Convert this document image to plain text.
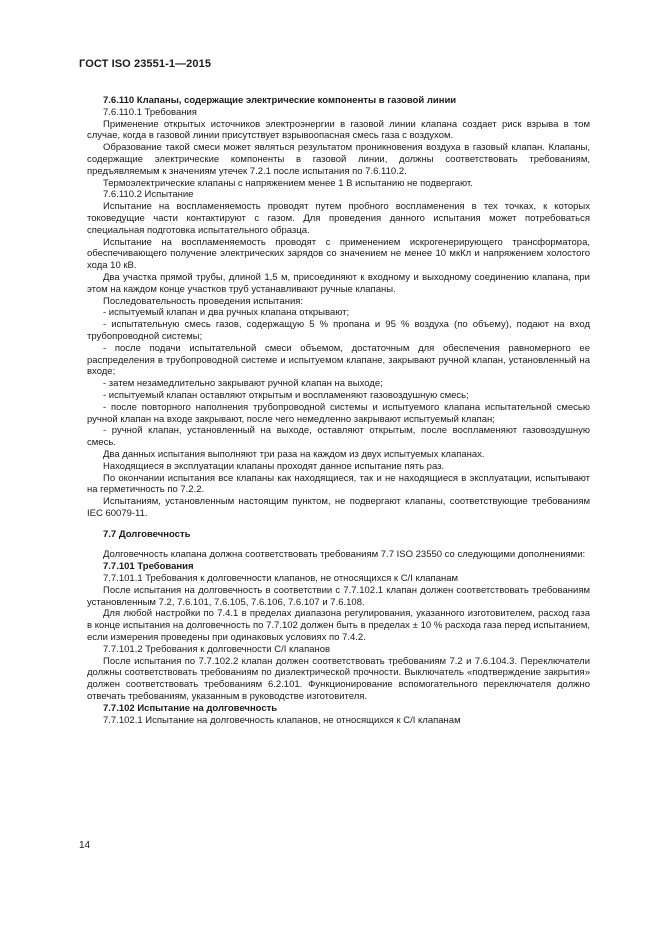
ГОСТ ISO 23551-1—2015

7.6.110 Клапаны, содержащие электрические компоненты в газовой линии

7.6.110.1 Требования

Применение открытых источников электроэнергии в газовой линии клапана создает риск взрыва в том случае, когда в газовой линии присутствует взрывоопасная смесь газа с воздухом.

Образование такой смеси может являться результатом проникновения воздуха в газовый клапан. Клапаны, содержащие электрические компоненты в газовой линии, должны соответствовать требованиям, предъявляемым к значениям утечек 7.2.1 после испытания по 7.6.110.2.

Термоэлектрические клапаны с напряжением менее 1 В испытанию не подвергают.

7.6.110.2 Испытание

Испытание на воспламеняемость проводят путем пробного воспламенения в тех точках, к которых токоведущие части контактируют с газом. Для проведения данного испытания может потребоваться специальная подготовка испытательного образца.

Испытание на воспламеняемость проводят с применением искрогенерирующего трансформатора, обеспечивающего получение электрических зарядов со значением не менее 10 мкКл и напряжением холостого хода 10 кВ.

Два участка прямой трубы, длиной 1,5 м, присоединяют к входному и выходному соединению клапана, при этом на каждом конце участков труб устанавливают ручные клапаны.

Последовательность проведения испытания:

- испытуемый клапан и два ручных клапана открывают;

- испытательную смесь газов, содержащую 5 % пропана и 95 % воздуха (по объему), подают на вход трубопроводной системы;

- после подачи испытательной смеси объемом, достаточным для обеспечения равномерного ее распределения в трубопроводной системе и испытуемом клапане, закрывают ручной клапан, установленный на входе;

- затем незамедлительно закрывают ручной клапан на выходе;

- испытуемый клапан оставляют открытым и воспламеняют газовоздушную смесь;

- после повторного наполнения трубопроводной системы и испытуемого клапана испытательной смесью ручной клапан на входе закрывают, после чего немедленно закрывают испытуемый клапан;

- ручной клапан, установленный на выходе, оставляют открытым, после воспламеняют газовоздушную смесь.

Два данных испытания выполняют три раза на каждом из двух испытуемых клапанах.

Находящиеся в эксплуатации клапаны проходят данное испытание пять раз.

По окончании испытания все клапаны как находящиеся, так и не находящиеся в эксплуатации, испытывают на герметичность по 7.2.2.

Испытаниям, установленным настоящим пунктом, не подвергают клапаны, соответствующие требованиям IEC 60079-11.

7.7 Долговечность

Долговечность клапана должна соответствовать требованиям 7.7 ISO 23550 со следующими дополнениями:

7.7.101 Требования

7.7.101.1 Требования к долговечности клапанов, не относящихся к C/I клапанам

После испытания на долговечность в соответствии с 7.7.102.1 клапан должен соответствовать требованиям установленным 7.2, 7.6.101, 7.6.105, 7.6.106, 7.6.107 и 7.6.108.

Для любой настройки по 7.4.1 в пределах диапазона регулирования, указанного изготовителем, расход газа в конце испытания на долговечность по 7.7.102 должен быть в пределах ± 10 % расхода газа перед испытанием, если измерения проведены при одинаковых условиях по 7.4.2.

7.7.101.2 Требования к долговечности C/I клапанов

После испытания по 7.7.102.2 клапан должен соответствовать требованиям 7.2 и 7.6.104.3. Переключатели должны соответствовать требованиям по диэлектрической прочности. Выключатель «подтверждение закрытия» должен соответствовать требованиям 6.2.101. Функционирование вспомогательного переключателя должно отвечать требованиям, указанным в руководстве изготовителя.

7.7.102 Испытание на долговечность

7.7.102.1 Испытание на долговечность клапанов, не относящихся к C/I клапанам

14
